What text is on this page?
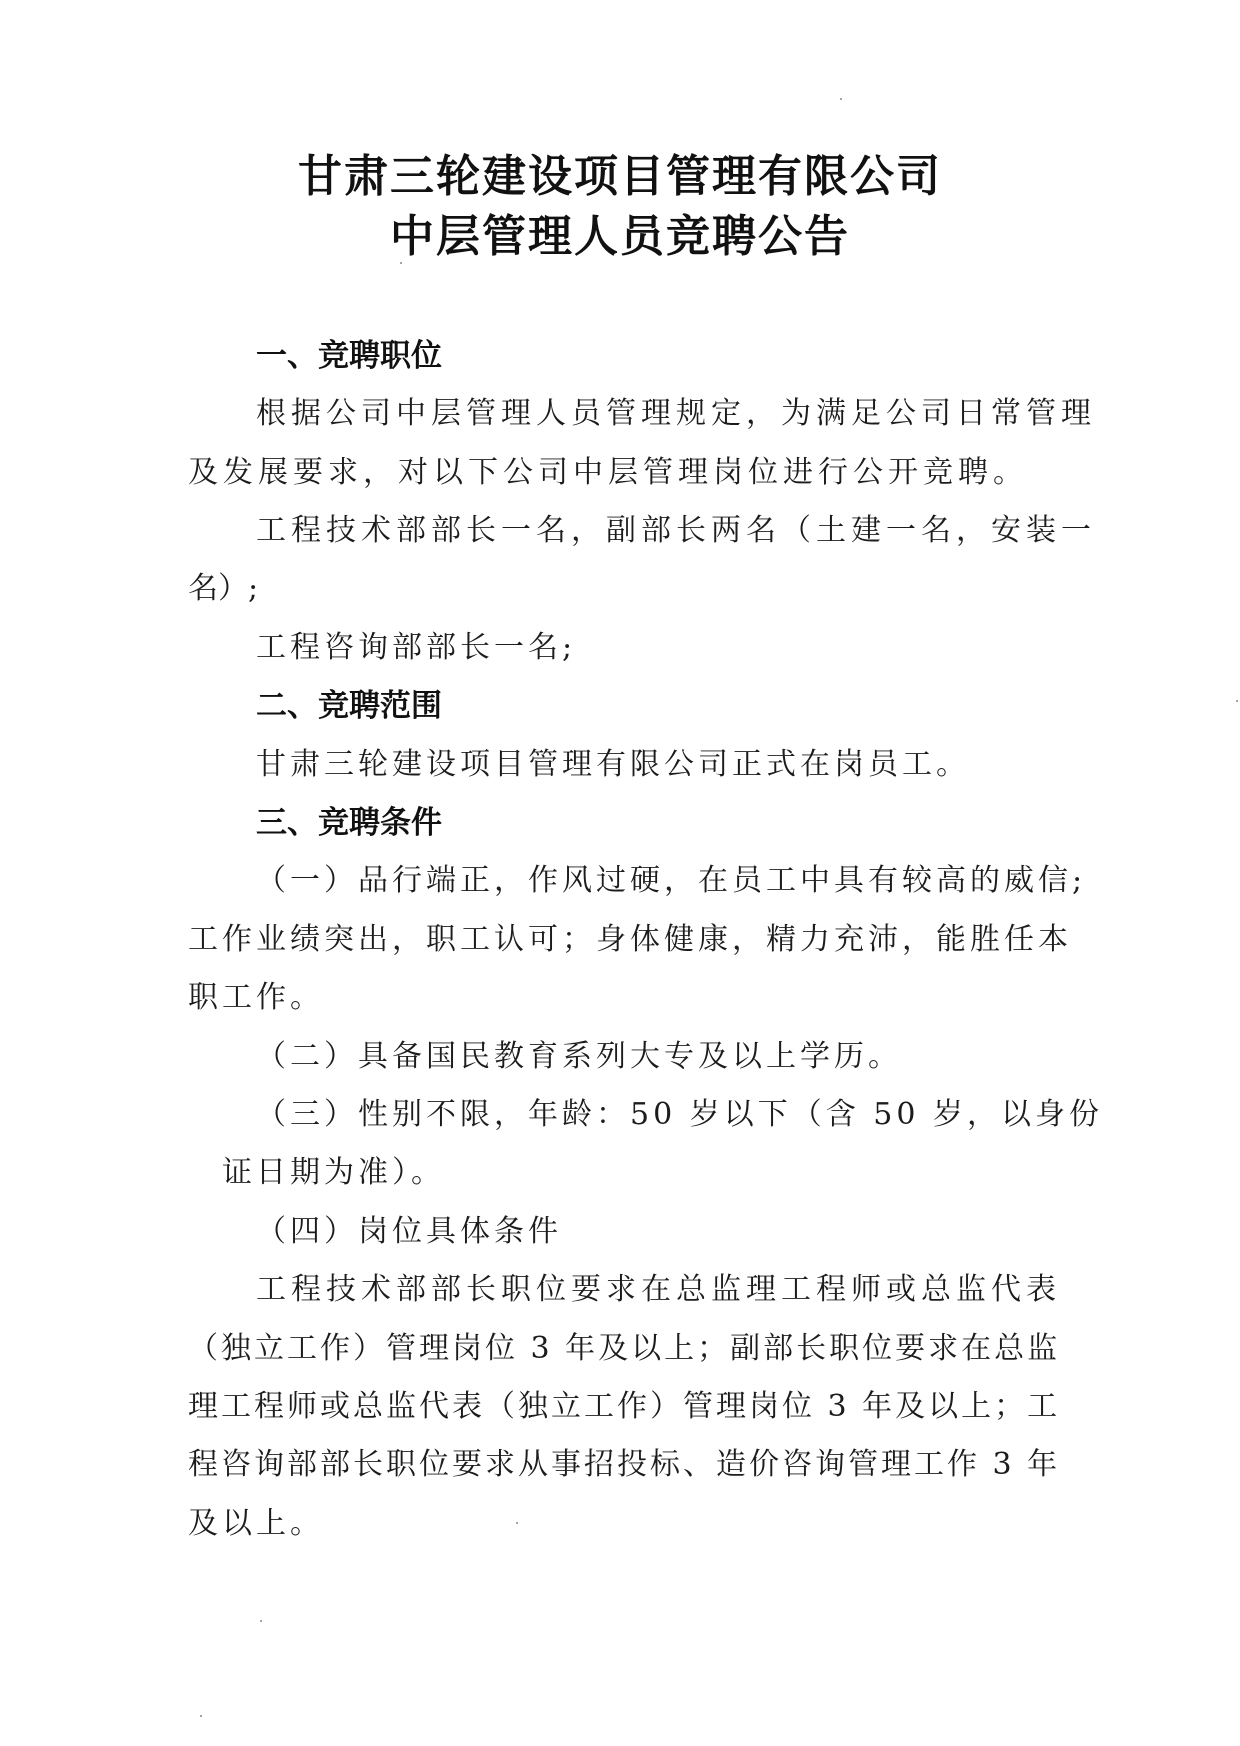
甘肃三轮建设项目管理有限公司
中层管理人员竞聘公告
一、竞聘职位
根据公司中层管理人员管理规定，为满足公司日常管理
及发展要求，对以下公司中层管理岗位进行公开竞聘。
工程技术部部长一名，副部长两名（土建一名，安装一
名）;
工程咨询部部长一名;
二、竞聘范围
甘肃三轮建设项目管理有限公司正式在岗员工。
三、竞聘条件
（一）品行端正，作风过硬，在员工中具有较高的威信;
工作业绩突出，职工认可；身体健康，精力充沛，能胜任本
职工作。
（二）具备国民教育系列大专及以上学历。
（三）性别不限，年龄：50 岁以下（含 50 岁，以身份
证日期为准）。
（四）岗位具体条件
工程技术部部长职位要求在总监理工程师或总监代表
（独立工作）管理岗位 3 年及以上；副部长职位要求在总监
理工程师或总监代表（独立工作）管理岗位 3 年及以上；工
程咨询部部长职位要求从事招投标、造价咨询管理工作 3 年
及以上。
